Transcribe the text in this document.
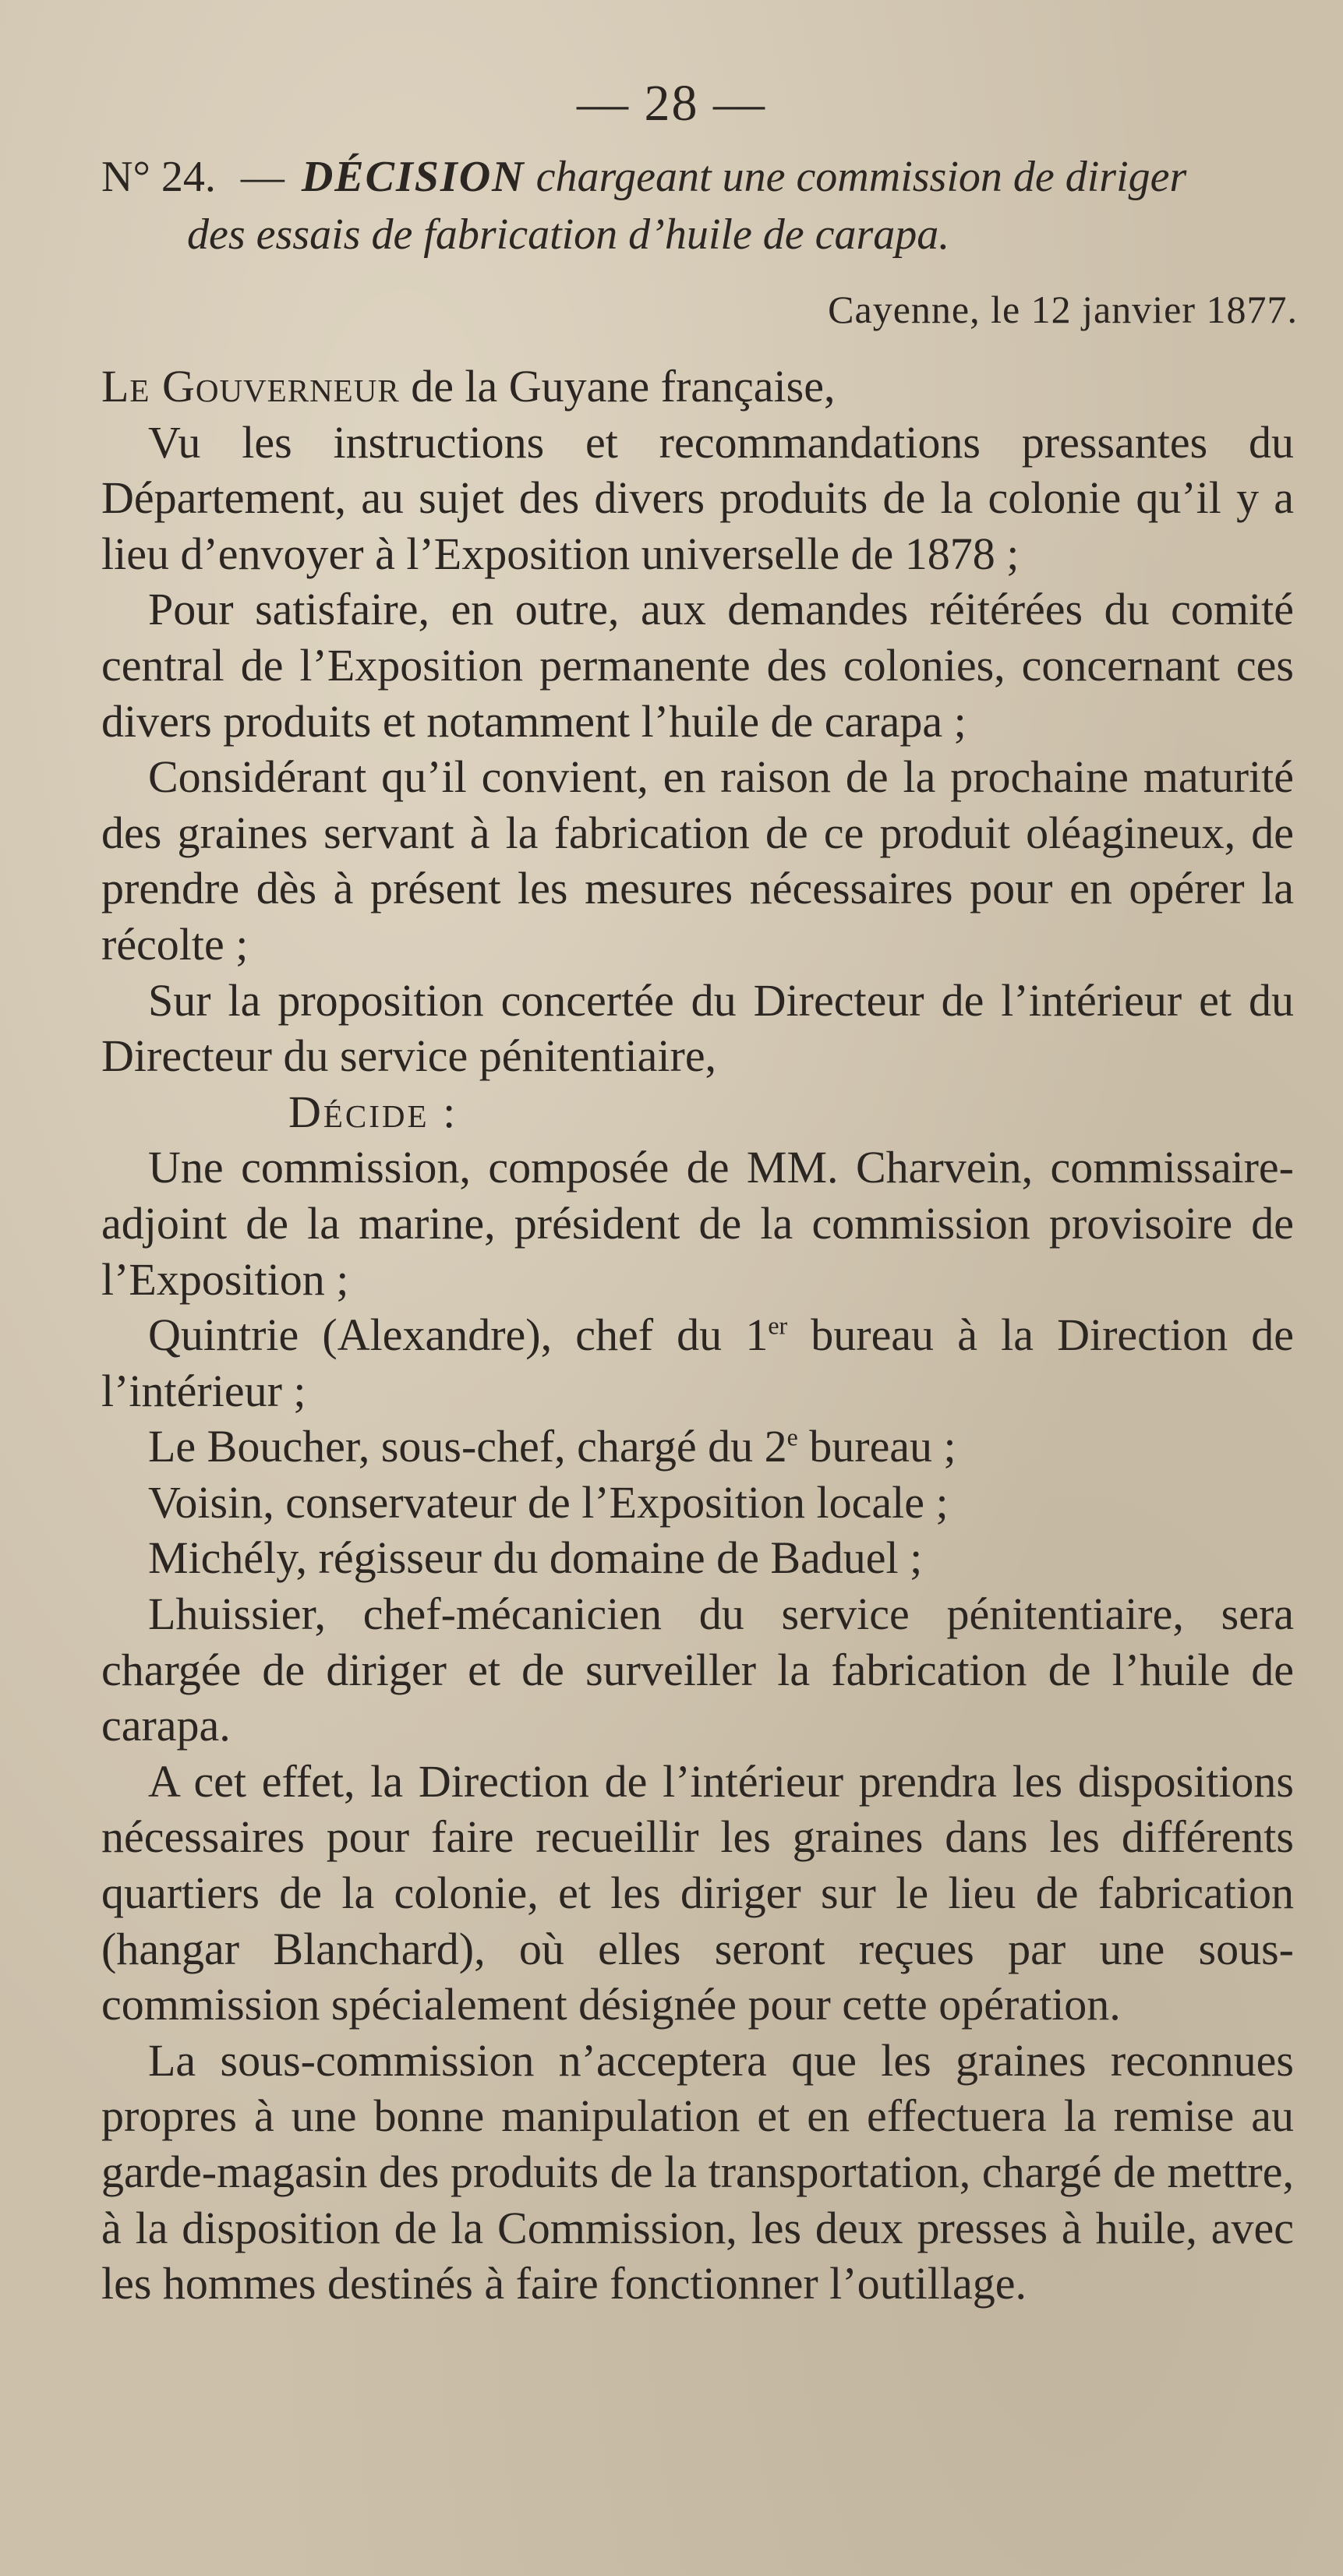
— 28 —
N° 24. — DÉCISION chargeant une commission de diriger
des essais de fabrication d’huile de carapa.
Cayenne, le 12 janvier 1877.

Le Gouverneur de la Guyane française,

Vu les instructions et recommandations pressantes du Département, au sujet des divers produits de la colonie qu’il y a lieu d’envoyer à l’Exposition universelle de 1878 ;

Pour satisfaire, en outre, aux demandes réitérées du comité central de l’Exposition permanente des colonies, concernant ces divers produits et notamment l’huile de carapa ;

Considérant qu’il convient, en raison de la prochaine maturité des graines servant à la fabrication de ce produit oléagineux, de prendre dès à présent les mesures nécessaires pour en opérer la récolte ;

Sur la proposition concertée du Directeur de l’intérieur et du Directeur du service pénitentiaire,

Décide :

Une commission, composée de MM. Charvein, commissaire-adjoint de la marine, président de la commission provisoire de l’Exposition ;

Quintrie (Alexandre), chef du 1er bureau à la Direction de l’intérieur ;

Le Boucher, sous-chef, chargé du 2e bureau ;

Voisin, conservateur de l’Exposition locale ;

Michély, régisseur du domaine de Baduel ;

Lhuissier, chef-mécanicien du service pénitentiaire, sera chargée de diriger et de surveiller la fabrication de l’huile de carapa.

A cet effet, la Direction de l’intérieur prendra les dispositions nécessaires pour faire recueillir les graines dans les différents quartiers de la colonie, et les diriger sur le lieu de fabrication (hangar Blanchard), où elles seront reçues par une sous-commission spécialement désignée pour cette opération.

La sous-commission n’acceptera que les graines reconnues propres à une bonne manipulation et en effectuera la remise au garde-magasin des produits de la transportation, chargé de mettre, à la disposition de la Commission, les deux presses à huile, avec les hommes destinés à faire fonctionner l’outillage.
